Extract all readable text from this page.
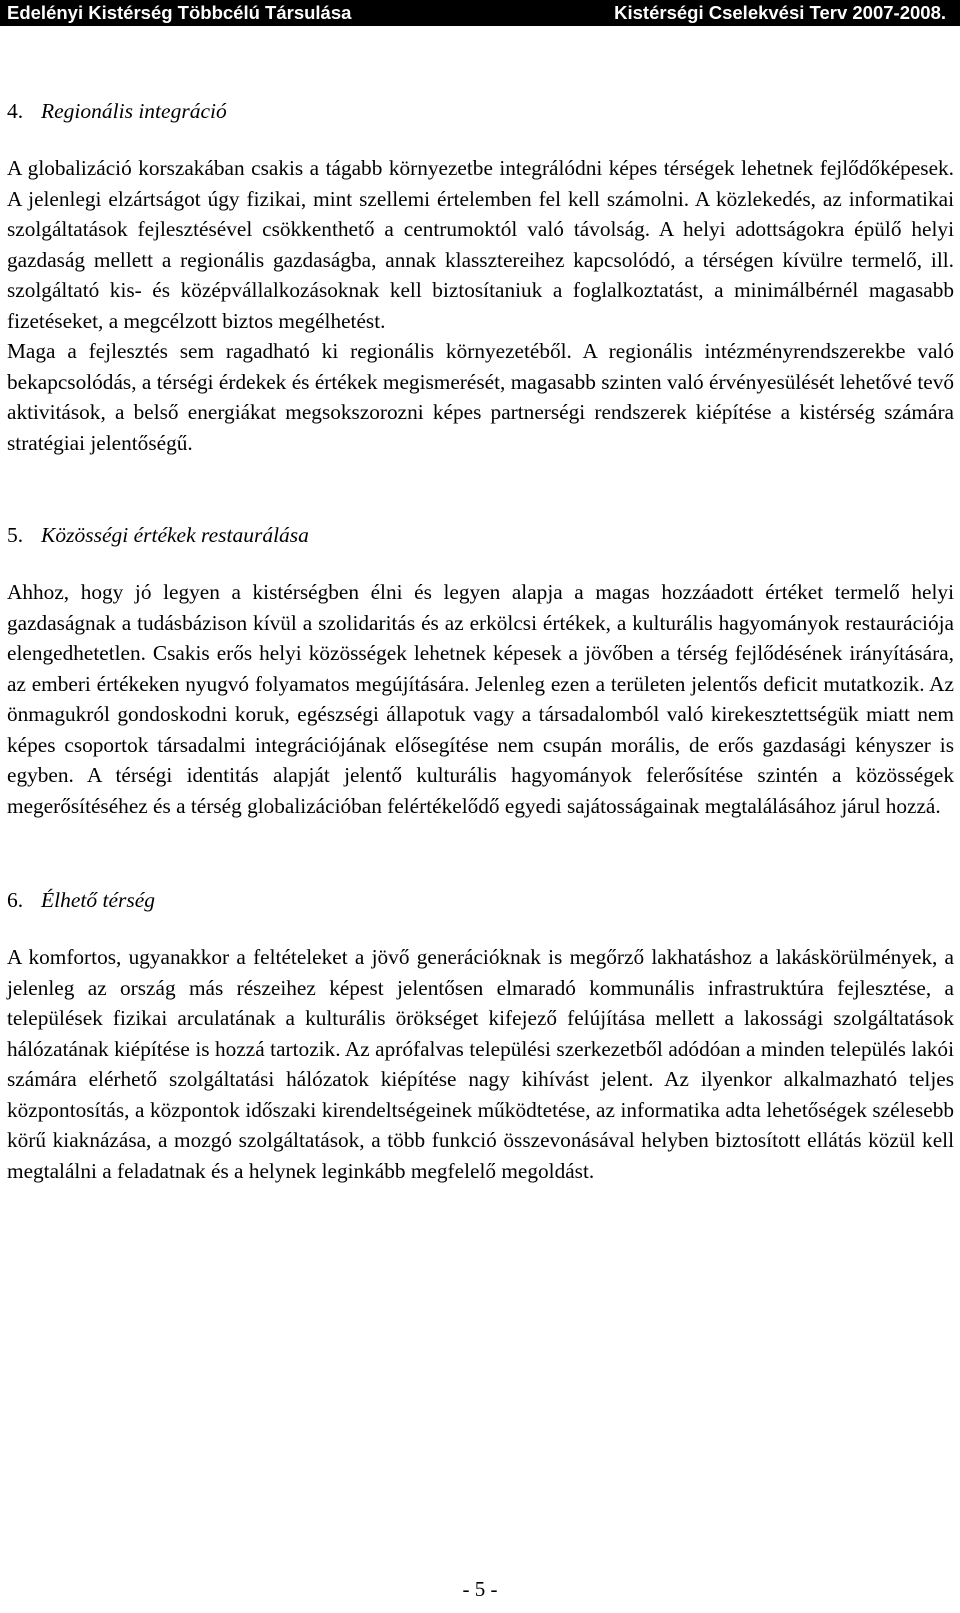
Edelényi Kistérség Többcélú Társulása	Kistérségi Cselekvési Terv 2007-2008.
4. Regionális integráció

A globalizáció korszakában csakis a tágabb környezetbe integrálódni képes térségek lehetnek fejlődőképesek. A jelenlegi elzártságot úgy fizikai, mint szellemi értelemben fel kell számolni. A közlekedés, az informatikai szolgáltatások fejlesztésével csökkenthető a centrumoktól való távolság. A helyi adottságokra épülő helyi gazdaság mellett a regionális gazdaságba, annak klassztereihez kapcsolódó, a térségen kívülre termelő, ill. szolgáltató kis- és középvállalkozásoknak kell biztosítaniuk a foglalkoztatást, a minimálbérnél magasabb fizetéseket, a megcélzott biztos megélhetést.

Maga a fejlesztés sem ragadható ki regionális környezetéből. A regionális intézményrendszerekbe való bekapcsolódás, a térségi érdekek és értékek megismerését, magasabb szinten való érvényesülését lehetővé tevő aktivitások, a belső energiákat megsokszorozni képes partnerségi rendszerek kiépítése a kistérség számára stratégiai jelentőségű.

5. Közösségi értékek restaurálása

Ahhoz, hogy jó legyen a kistérségben élni és legyen alapja a magas hozzáadott értéket termelő helyi gazdaságnak a tudásbázison kívül a szolidaritás és az erkölcsi értékek, a kulturális hagyományok restaurációja elengedhetetlen. Csakis erős helyi közösségek lehetnek képesek a jövőben a térség fejlődésének irányítására, az emberi értékeken nyugvó folyamatos megújítására. Jelenleg ezen a területen jelentős deficit mutatkozik. Az önmagukról gondoskodni koruk, egészségi állapotuk vagy a társadalomból való kirekesztettségük miatt nem képes csoportok társadalmi integrációjának elősegítése nem csupán morális, de erős gazdasági kényszer is egyben. A térségi identitás alapját jelentő kulturális hagyományok felerősítése szintén a közösségek megerősítéséhez és a térség globalizációban felértékelődő egyedi sajátosságainak megtalálásához járul hozzá.

6. Élhető térség

A komfortos, ugyanakkor a feltételeket a jövő generációknak is megőrző lakhatáshoz a lakáskörülmények, a jelenleg az ország más részeihez képest jelentősen elmaradó kommunális infrastruktúra fejlesztése, a települések fizikai arculatának a kulturális örökséget kifejező felújítása mellett a lakossági szolgáltatások hálózatának kiépítése is hozzá tartozik. Az aprófalvas települési szerkezetből adódóan a minden település lakói számára elérhető szolgáltatási hálózatok kiépítése nagy kihívást jelent. Az ilyenkor alkalmazható teljes központosítás, a központok időszaki kirendeltségeinek működtetése, az informatika adta lehetőségek szélesebb körű kiaknázása, a mozgó szolgáltatások, a több funkció összevonásával helyben biztosított ellátás közül kell megtalálni a feladatnak és a helynek leginkább megfelelő megoldást.

- 5 -
